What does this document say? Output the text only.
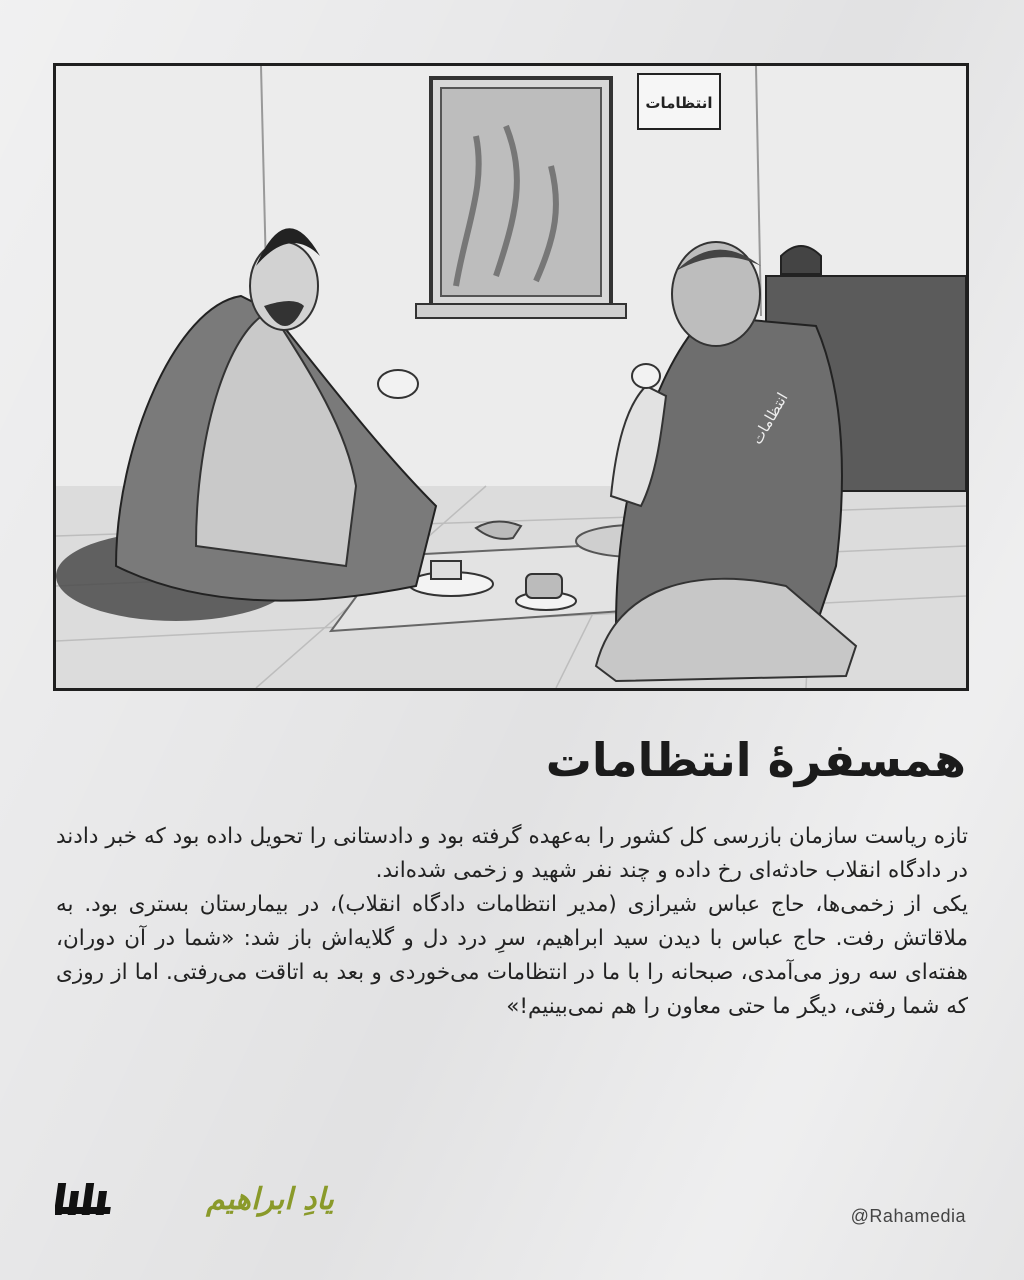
انتظامات
انتظامات
همسفرهٔ انتظامات

تازه ریاست سازمان بازرسی کل کشور را به‌عهده گرفته بود و دادستانی را تحویل داده بود که خبر دادند در دادگاه انقلاب حادثه‌ای رخ داده و چند نفر شهید و زخمی شده‌اند.

یکی از زخمی‌ها، حاج عباس شیرازی (مدیر انتظامات دادگاه انقلاب)، در بیمارستان بستری بود. به ملاقاتش رفت. حاج عباس با دیدن سید ابراهیم، سرِ درد دل و گلایه‌اش باز شد: «شما در آن دوران، هفته‌ای سه روز می‌آمدی، صبحانه را با ما در انتظامات می‌خوردی و بعد به اتاقت می‌رفتی. اما از روزی که شما رفتی، دیگر ما حتی معاون را هم نمی‌بینیم!»

رهامدیا
یادِ ابراهیم	@Rahamedia
